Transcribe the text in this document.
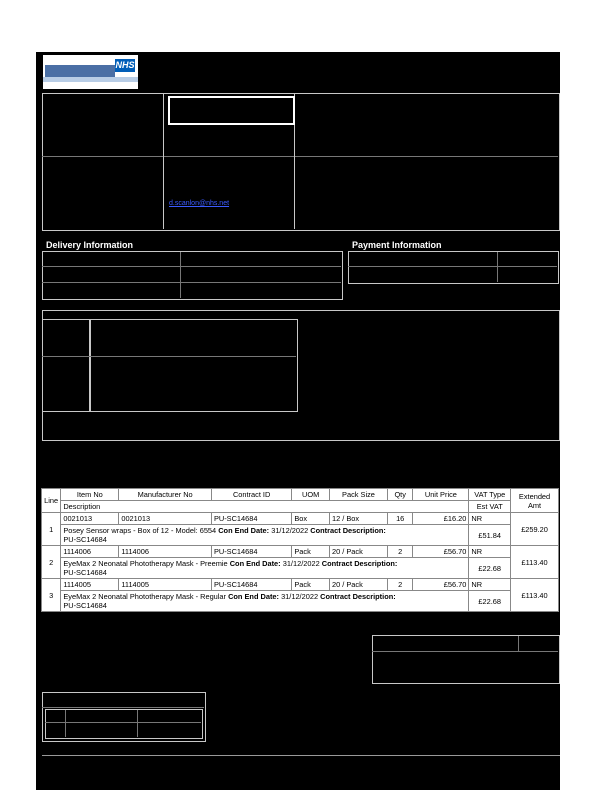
NHS
d.scanlon@nhs.net
Delivery Information	Payment Information
Line	Item No	Manufacturer No	Contract ID	UOM	Pack Size	Qty	Unit Price	VAT Type	Extended Amt
	Description							Est VAT	
1	0021013	0021013	PU-SC14684	Box	12 / Box	16	£16.20	NR	£259.20
	Posey Sensor wraps - Box of 12 - Model: 6554 Con End Date: 31/12/2022 Contract Description:
PU-SC14684							£51.84	
2	1114006	1114006	PU-SC14684	Pack	20 / Pack	2	£56.70	NR	£113.40
	EyeMax 2 Neonatal Phototherapy Mask - Preemie Con End Date: 31/12/2022 Contract Description:
PU-SC14684							£22.68	
3	1114005	1114005	PU-SC14684	Pack	20 / Pack	2	£56.70	NR	£113.40
	EyeMax 2 Neonatal Phototherapy Mask - Regular Con End Date: 31/12/2022 Contract Description:
PU-SC14684							£22.68	
